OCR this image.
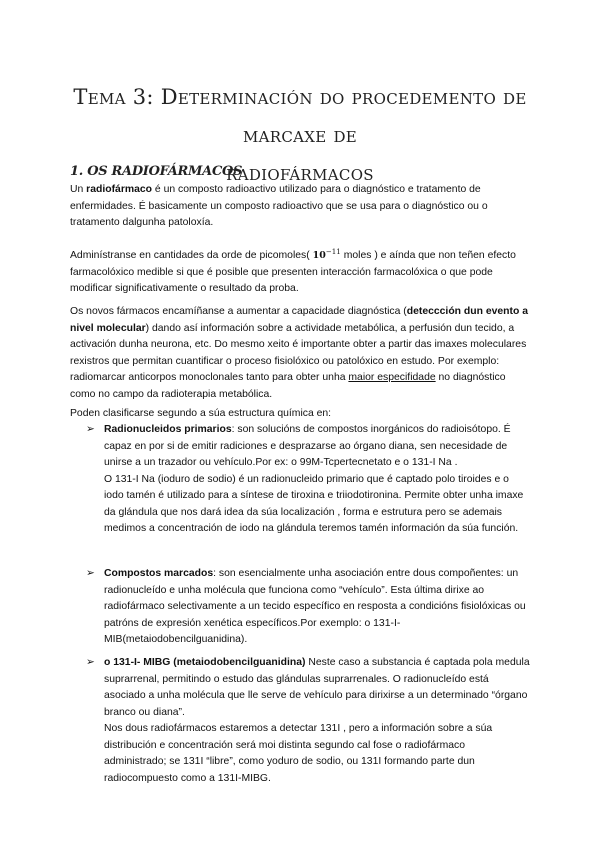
Tema 3: Determinación do procedemento de marcaxe de
radiofármacos
1. OS RADIOFÁRMACOS

Un radiofármaco é un composto radioactivo utilizado para o diagnóstico e tratamento de enfermidades. É basicamente un composto radioactivo que se usa para o diagnóstico ou o tratamento dalgunha patoloxía.

Adminístranse en cantidades da orde de picomoles( $10^{-11}$ moles ) e aínda que non teñen efecto farmacolóxico medible si que é posible que presenten interacción farmacolóxica o que pode modificar significativamente o resultado da proba.

Os novos fármacos encamíñanse a aumentar a capacidade diagnóstica (deteccción dun evento a nivel molecular) dando así información sobre a actividade metabólica, a perfusión dun tecido, a activación dunha neurona, etc. Do mesmo xeito é importante obter a partir das imaxes moleculares rexistros que permitan cuantificar o proceso fisiolóxico ou patolóxico en estudo. Por exemplo: radiomarcar anticorpos monoclonales tanto para obter unha maior especifidade no diagnóstico como no campo da radioterapia metabólica.

Poden clasificarse segundo a súa estructura química en:

➢ Radionucleidos primarios: son solucións de compostos inorgánicos do radioisótopo. É capaz en por si de emitir radiciones e desprazarse ao órgano diana, sen necesidade de unirse a un trazador ou vehículo.Por ex: o 99M-Tcpertecnetato e o 131-I Na .
O 131-I Na (ioduro de sodio) é un radionucleido primario que é captado polo tiroides e o iodo tamén é utilizado para a síntese de tiroxina e triiodotironina. Permite obter unha imaxe da glándula que nos dará idea da súa localización , forma e estrutura pero se ademais medimos a concentración de iodo na glándula teremos tamén información da súa función.
➢ Compostos marcados: son esencialmente unha asociación entre dous compoñentes: un radionucleído e unha molécula que funciona como “vehículo”. Esta última dirixe ao radiofármaco selectivamente a un tecido específico en resposta a condicións fisiolóxicas ou patróns de expresión xenética específicos.Por exemplo: o 131-I- MIB(metaiodobencilguanidina).
➢ o 131-I- MIBG (metaiodobencilguanidina) Neste caso a substancia é captada pola medula suprarrenal, permitindo o estudo das glándulas suprarrenales. O radionucleído está asociado a unha molécula que lle serve de vehículo para dirixirse a un determinado “órgano branco ou diana”.
Nos dous radiofármacos estaremos a detectar 131I , pero a información sobre a súa distribución e concentración será moi distinta segundo cal fose o radiofármaco administrado; se 131I “libre”, como yoduro de sodio, ou 131I formando parte dun radiocompuesto como a 131I-MIBG.
